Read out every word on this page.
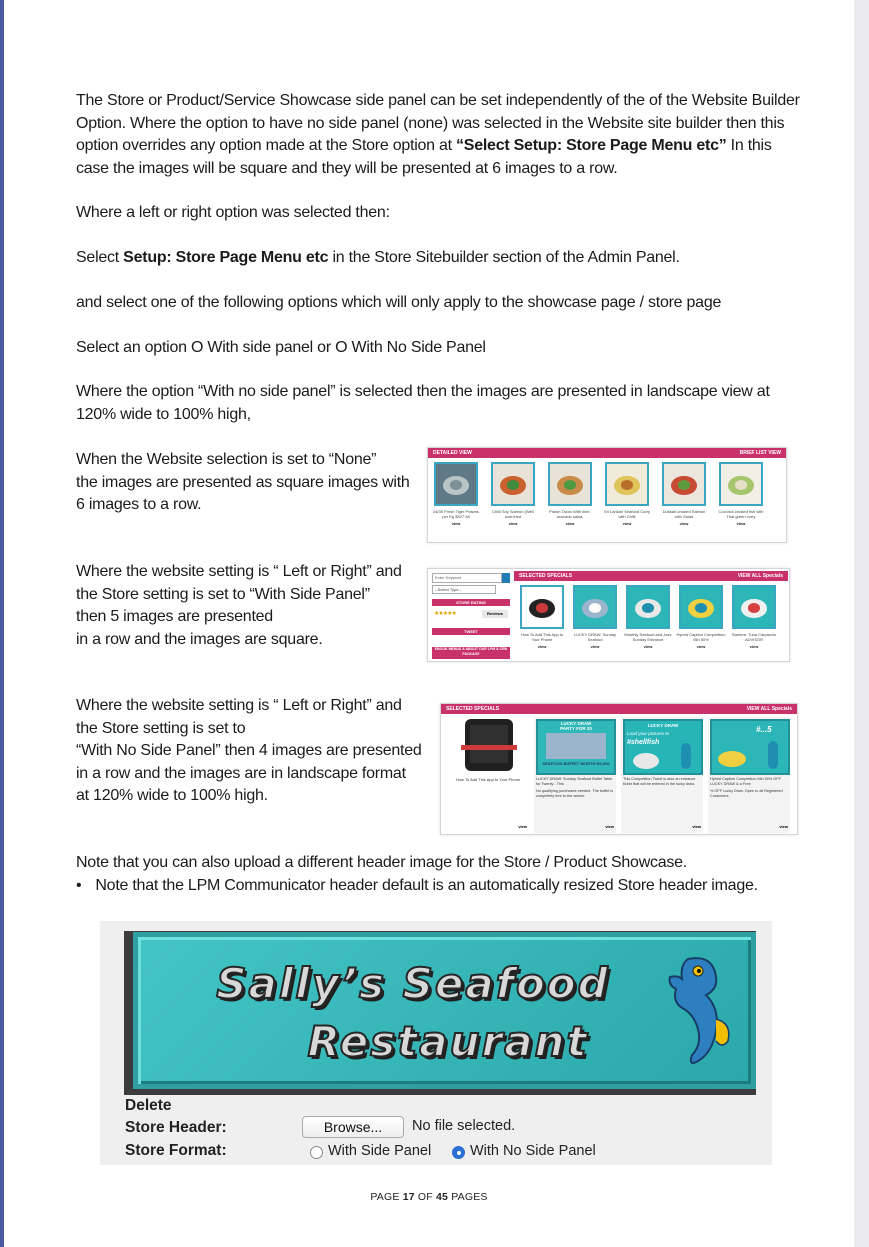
The Store or Product/Service Showcase side panel can be set independently of the of the Website Builder
Option. Where the option to have no side panel (none) was selected in the Website site builder then this
option overrides any option made at the Store option at “Select Setup: Store Page Menu etc” In this
case the images will be square and they will be presented at 6 images to a row.
Where a left or right option was selected then:
Select Setup: Store Page Menu etc in the Store Sitebuilder section of the Admin Panel.
and select one of the following options which will only apply to the showcase page / store page
Select an option O With side panel or O With No Side Panel
Where the option “With no side panel” is selected then the images are presented in landscape view at
120% wide to 100% high,
When the Website selection is set to “None”
the images are presented as square images with
6 images to a row.
Where the website setting is “ Left or Right” and
the Store setting is set to “With Side Panel”
then 5 images are presented
in a row and the images are square.
Where the website setting is “ Left or Right” and
the Store setting is set to
“With No Side Panel” then 4 images are presented
in a row and the images are in landscape format
at 120% wide to 100% high.
Note that you can also upload a different header image for the Store / Product Showcase.
• Note that the LPM Communicator header default is an automatically resized Store header image.
DETAILED VIEW	BRIEF LIST VIEW
26/30 Fresh Tiger Prawns per Kg $327.38
view
Chilli Soy Salmon (With wok-fried
view
Prawn Tacos With lime-avocado salsa,
view
Sri Lankan Seafood Curry with Chilli
view
Dukkah-crusted Salmon with Salad
view
Coconut-crusted fish with Thai green curry
view
Enter Keyword
--Select Type--
STORE RATING
★★★★★	Reviews
TWEET
EBOOK MENUS & ABOUT OUR LPM & CRN PACKAGE
SELECTED SPECIALS	VIEW ALL Specials
How To Add This App to Your Phone
view
LUCKY DRAW: Sunday Seafood
view
Monthly Seafood and Jazz Sunday Entrance
view
Hybrid Caption Competition Min 50%
view
Starters: Tuna Carpaccio ADVISOR
view
SELECTED SPECIALS	VIEW ALL Specials
How To Add This App to Your Phone
view
LUCKY DRAW
PARTY FOR 20
SEAFOOD BUFFET WORTH R6,000
LUCKY DRAW: Sunday Seafood Buffet Table for Twenty - This
No qualifying purchases needed. The buffet is completely free to the winner.
view
LUCKY DRAW
Load your pictures to
#shellfish
This Competition Ticket is also an entrance ticket that will be entered in the lucky draw.
view
#...5
Hybrid Caption Competition Min 50% OFF LUCKY DRAW & a Free
% OFF Lucky Draw. Open to all Registered Customers.
view
Sally’s Seafood
Restaurant
Delete
Store Header:	Browse...	No file selected.
Store Format:	With Side Panel	With No Side Panel
PAGE 17 OF 45 PAGES
